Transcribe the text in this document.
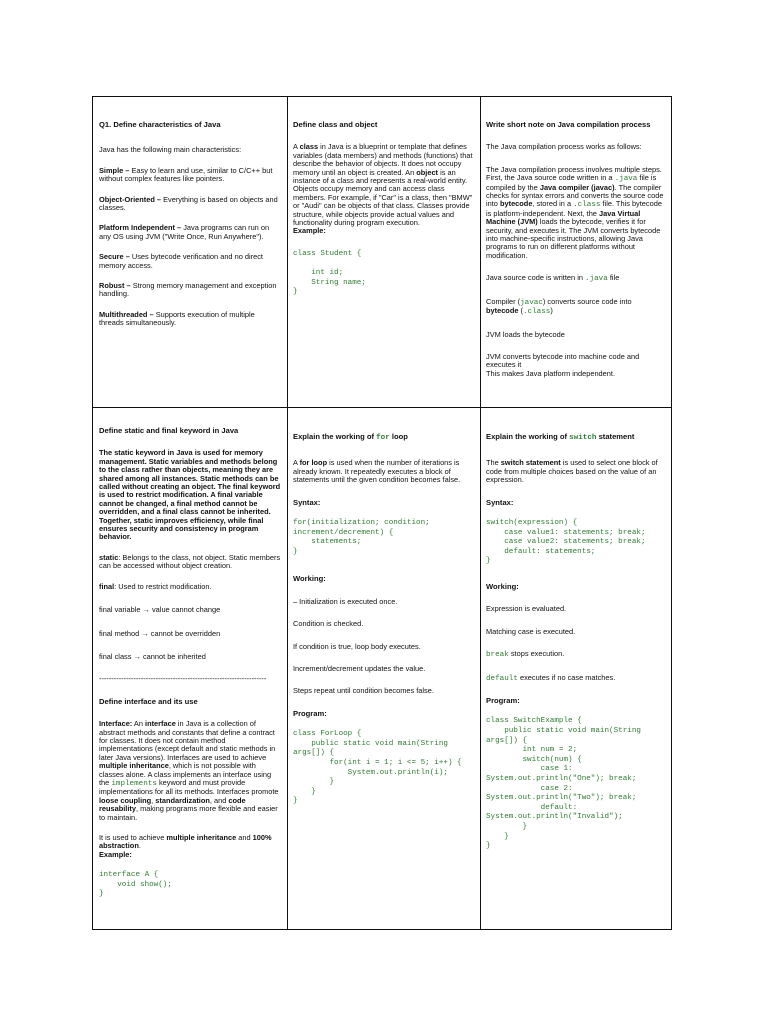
Q1. Define characteristics of Java

Java has the following main characteristics:

Simple – Easy to learn and use, similar to C/C++ but without complex features like pointers.

Object-Oriented – Everything is based on objects and classes.

Platform Independent – Java programs can run on any OS using JVM ("Write Once, Run Anywhere").

Secure – Uses bytecode verification and no direct memory access.

Robust – Strong memory management and exception handling.

Multithreaded – Supports execution of multiple threads simultaneously.

Define class and object

A class in Java is a blueprint or template that defines variables (data members) and methods (functions) that describe the behavior of objects. It does not occupy memory until an object is created. An object is an instance of a class and represents a real-world entity. Objects occupy memory and can access class members. For example, if "Car" is a class, then "BMW" or "Audi" can be objects of that class. Classes provide structure, while objects provide actual values and functionality during program execution.

Example:

class Student {

int id;
String name;
}

Write short note on Java compilation process

The Java compilation process works as follows:

The Java compilation process involves multiple steps. First, the Java source code written in a .java file is compiled by the Java compiler (javac). The compiler checks for syntax errors and converts the source code into bytecode, stored in a .class file. This bytecode is platform-independent. Next, the Java Virtual Machine (JVM) loads the bytecode, verifies it for security, and executes it. The JVM converts bytecode into machine-specific instructions, allowing Java programs to run on different platforms without modification.

Java source code is written in .java file

Compiler (javac) converts source code into bytecode (.class)

JVM loads the bytecode

JVM converts bytecode into machine code and executes it

This makes Java platform independent.

Define static and final keyword in Java

The static keyword in Java is used for memory management. Static variables and methods belong to the class rather than objects, meaning they are shared among all instances. Static methods can be called without creating an object. The final keyword is used to restrict modification. A final variable cannot be changed, a final method cannot be overridden, and a final class cannot be inherited. Together, static improves efficiency, while final ensures security and consistency in program behavior.

static: Belongs to the class, not object. Static members can be accessed without object creation.

final: Used to restrict modification.

final variable → value cannot change

final method → cannot be overridden

final class → cannot be inherited

--------------------------------------------------------------------

Define interface and its use

Interface: An interface in Java is a collection of abstract methods and constants that define a contract for classes. It does not contain method implementations (except default and static methods in later Java versions). Interfaces are used to achieve multiple inheritance, which is not possible with classes alone. A class implements an interface using the implements keyword and must provide implementations for all its methods. Interfaces promote loose coupling, standardization, and code reusability, making programs more flexible and easier to maintain.

It is used to achieve multiple inheritance and 100% abstraction.

Example:

interface A {
void show();
}

Explain the working of for loop

A for loop is used when the number of iterations is already known. It repeatedly executes a block of statements until the given condition becomes false.

Syntax:

for(initialization; condition;
increment/decrement) {
statements;
}

Working:

– Initialization is executed once.

Condition is checked.

If condition is true, loop body executes.

Increment/decrement updates the value.

Steps repeat until condition becomes false.

Program:

class ForLoop {
public static void main(String
args[]) {
for(int i = 1; i <= 5; i++) {
System.out.println(i);
}
}
}

Explain the working of switch statement

The switch statement is used to select one block of code from multiple choices based on the value of an expression.

Syntax:

switch(expression) {
case value1: statements; break;
case value2: statements; break;
default: statements;
}

Working:

Expression is evaluated.

Matching case is executed.

break stops execution.

default executes if no case matches.

Program:

class SwitchExample {
public static void main(String
args[]) {
int num = 2;
switch(num) {
case 1:
System.out.println("One"); break;
case 2:
System.out.println("Two"); break;
default:
System.out.println("Invalid");
}
}
}
